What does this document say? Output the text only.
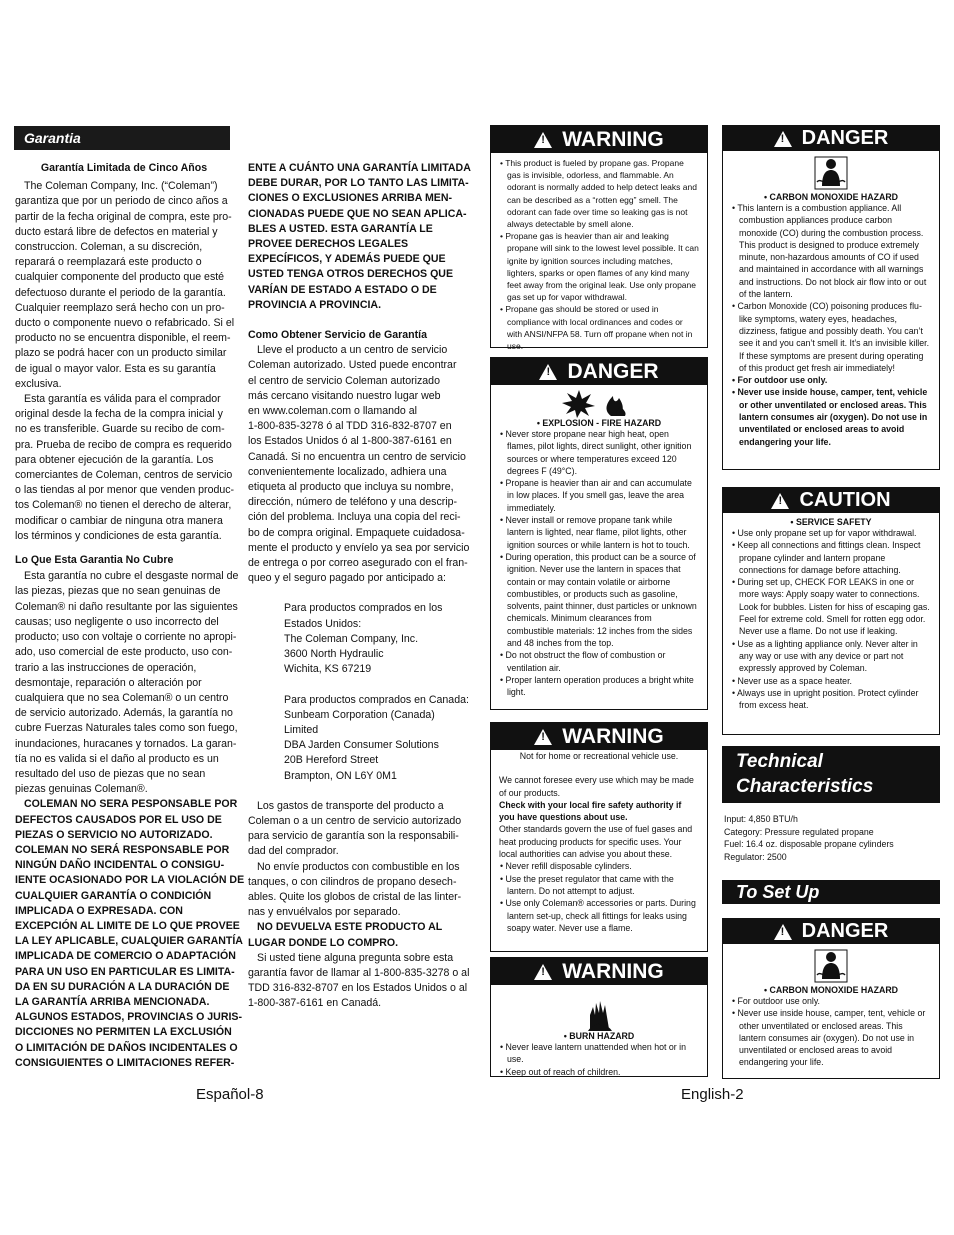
Garantia

Garantía Limitada de Cinco Años

The Coleman Company, Inc. (“Coleman”)

garantiza que por un periodo de cinco años a

partir de la fecha original de compra, este pro-

ducto estará libre de defectos en material y

construccion. Coleman, a su discreción,

reparará o reemplazará este producto o

cualquier componente del producto que esté

defectuoso durante el periodo de la garantía.

Cualquier reemplazo será hecho con un pro-

ducto o componente nuevo o refabricado. Si el

producto no se encuentra disponible, el reem-

plazo se podrá hacer con un producto similar

de igual o mayor valor. Esta es su garantía

exclusiva.

Esta garantía es válida para el comprador

original desde la fecha de la compra inicial y

no es transferible. Guarde su recibo de com-

pra. Prueba de recibo de compra es requerido

para obtener ejecución de la garantía. Los

comerciantes de Coleman, centros de servicio

o las tiendas al por menor que venden produc-

tos Coleman® no tienen el derecho de alterar,

modificar o cambiar de ninguna otra manera

los términos y condiciones de esta garantía.

Lo Que Esta Garantia No Cubre

Esta garantía no cubre el desgaste normal de

las piezas, piezas que no sean genuinas de

Coleman® ni daño resultante por las siguientes

causas; uso negligente o uso incorrecto del

producto; uso con voltaje o corriente no apropi-

ado, uso comercial de este producto, uso con-

trario a las instrucciones de operación,

desmontaje, reparación o alteración por

cualquiera que no sea Coleman® o un centro

de servicio autorizado. Además, la garantía no

cubre Fuerzas Naturales tales como son fuego,

inundaciones, huracanes y tornados. La garan-

tía no es valida si el daño al producto es un

resultado del uso de piezas que no sean

piezas genuinas Coleman®.

COLEMAN NO SERA PESPONSABLE POR

DEFECTOS CAUSADOS POR EL USO DE

PIEZAS O SERVICIO NO AUTORIZADO.

COLEMAN NO SERÁ RESPONSABLE POR

NINGÚN DAÑO INCIDENTAL O CONSIGU-

IENTE OCASIONADO POR LA VIOLACIÓN DE

CUALQUIER GARANTÍA O CONDICIÓN

IMPLICADA O EXPRESADA. CON

EXCEPCIÓN AL LIMITE DE LO QUE PROVEE

LA LEY APLICABLE, CUALQUIER GARANTÍA

IMPLICADA DE COMERCIO O ADAPTACIÓN

PARA UN USO EN PARTICULAR ES LIMITA-

DA EN SU DURACIÓN A LA DURACIÓN DE

LA GARANTÍA ARRIBA MENCIONADA.

ALGUNOS ESTADOS, PROVINCIAS O JURIS-

DICCIONES NO PERMITEN LA EXCLUSIÓN

O LIMITACIÓN DE DAÑOS INCIDENTALES O

CONSIGUIENTES O LIMITACIONES REFER-

ENTE A CUÁNTO UNA GARANTÍA LIMITADA

DEBE DURAR, POR LO TANTO LAS LIMITA-

CIONES O EXCLUSIONES ARRIBA MEN-

CIONADAS PUEDE QUE NO SEAN APLICA-

BLES A USTED. ESTA GARANTÍA LE

PROVEE DERECHOS LEGALES

EXPECÍFICOS, Y ADEMÁS PUEDE QUE

USTED TENGA OTROS DERECHOS QUE

VARÍAN DE ESTADO A ESTADO O DE

PROVINCIA A PROVINCIA.

Como Obtener Servicio de Garantía

Lleve el producto a un centro de servicio

Coleman autorizado. Usted puede encontrar

el centro de servicio Coleman autorizado

más cercano visitando nuestro lugar web

en www.coleman.com o llamando al

1-800-835-3278 ó al TDD 316-832-8707 en

los Estados Unidos ó al 1-800-387-6161 en

Canadá. Si no encuentra un centro de servicio

convenientemente localizado, adhiera una

etiqueta al producto que incluya su nombre,

dirección, número de teléfono y una descrip-

ción del problema. Incluya una copia del reci-

bo de compra original. Empaquete cuidadosa-

mente el producto y envíelo ya sea por servicio

de entrega o por correo asegurado con el fran-

queo y el seguro pagado por anticipado a:

Para productos comprados en los

Estados Unidos:

The Coleman Company, Inc.

3600 North Hydraulic

Wichita, KS 67219

Para productos comprados en Canada:

Sunbeam Corporation (Canada)

Limited

DBA Jarden Consumer Solutions

20B Hereford Street

Brampton, ON L6Y 0M1

Los gastos de transporte del producto a

Coleman o a un centro de servicio autorizado

para servicio de garantía son la responsabili-

dad del comprador.

No envíe productos con combustible en los

tanques, o con cilindros de propano desech-

ables. Quite los globos de cristal de las linter-

nas y envuélvalos por separado.

NO DEVUELVA ESTE PRODUCTO AL

LUGAR DONDE LO COMPRO.

Si usted tiene alguna pregunta sobre esta

garantía favor de llamar al 1-800-835-3278 o al

TDD 316-832-8707 en los Estados Unidos o al

1-800-387-6161 en Canadá.

Español-8	English-2
!
WARNING
• This product is fueled by propane gas. Propane gas is invisible, odorless, and flammable. An odorant is normally added to help detect leaks and can be described as a “rotten egg” smell. The odorant can fade over time so leaking gas is not always detectable by smell alone.
• Propane gas is heavier than air and leaking propane will sink to the lowest level possible. It can ignite by ignition sources including matches, lighters, sparks or open flames of any kind many feet away from the original leak. Use only propane gas set up for vapor withdrawal.
• Propane gas should be stored or used in compliance with local ordinances and codes or with ANSI/NFPA 58. Turn off propane when not in use.
!
DANGER
• EXPLOSION - FIRE HAZARD
• Never store propane near high heat, open flames, pilot lights, direct sunlight, other ignition sources or where temperatures exceed 120 degrees F (49°C).
• Propane is heavier than air and can accumulate in low places. If you smell gas, leave the area immediately.
• Never install or remove propane tank while lantern is lighted, near flame, pilot lights, other ignition sources or while lantern is hot to touch.
• During operation, this product can be a source of ignition. Never use the lantern in spaces that contain or may contain volatile or airborne combustibles, or products such as gasoline, solvents, paint thinner, dust particles or unknown chemicals. Minimum clearances from combustible materials: 12 inches from the sides and 48 inches from the top.
• Do not obstruct the flow of combustion or ventilation air.
• Proper lantern operation produces a bright white light.
!
WARNING

Not for home or recreational vehicle use.

We cannot foresee every use which may be made of our products.

Check with your local fire safety authority if you have questions about use.

Other standards govern the use of fuel gases and heat producing products for specific uses. Your local authorities can advise you about these.

• Never refill disposable cylinders.
• Use the preset regulator that came with the lantern. Do not attempt to adjust.
• Use only Coleman® accessories or parts. During lantern set-up, check all fittings for leaks using soapy water. Never use a flame.
!
WARNING
• BURN HAZARD
• Never leave lantern unattended when hot or in use.
• Keep out of reach of children.
!
DANGER
• CARBON MONOXIDE HAZARD
• This lantern is a combustion appliance. All combustion appliances produce carbon monoxide (CO) during the combustion process. This product is designed to produce extremely minute, non-hazardous amounts of CO if used and maintained in accordance with all warnings and instructions. Do not block air flow into or out of the lantern.
• Carbon Monoxide (CO) poisoning produces flu-like symptoms, watery eyes, headaches, dizziness, fatigue and possibly death. You can’t see it and you can’t smell it. It’s an invisible killer. If these symptoms are present during operating of this product get fresh air immediately!
• For outdoor use only.
• Never use inside house, camper, tent, vehicle or other unventilated or enclosed areas. This lantern consumes air (oxygen). Do not use in unventilated or enclosed areas to avoid endangering your life.
!
CAUTION
• SERVICE SAFETY
• Use only propane set up for vapor withdrawal.
• Keep all connections and fittings clean. Inspect propane cylinder and lantern propane connections for damage before attaching.
• During set up, CHECK FOR LEAKS in one or more ways: Apply soapy water to connections. Look for bubbles. Listen for hiss of escaping gas. Feel for extreme cold. Smell for rotten egg odor. Never use a flame. Do not use if leaking.
• Use as a lighting appliance only. Never alter in any way or use with any device or part not expressly approved by Coleman.
• Never use as a space heater.
• Always use in upright position. Protect cylinder from excess heat.
Technical Characteristics

Input: 4,850 BTU/h

Category: Pressure regulated propane

Fuel: 16.4 oz. disposable propane cylinders

Regulator: 2500

To Set Up
!
DANGER
• CARBON MONOXIDE HAZARD
• For outdoor use only.
• Never use inside house, camper, tent, vehicle or other unventilated or enclosed areas. This lantern consumes air (oxygen). Do not use in unventilated or enclosed areas to avoid endangering your life.
